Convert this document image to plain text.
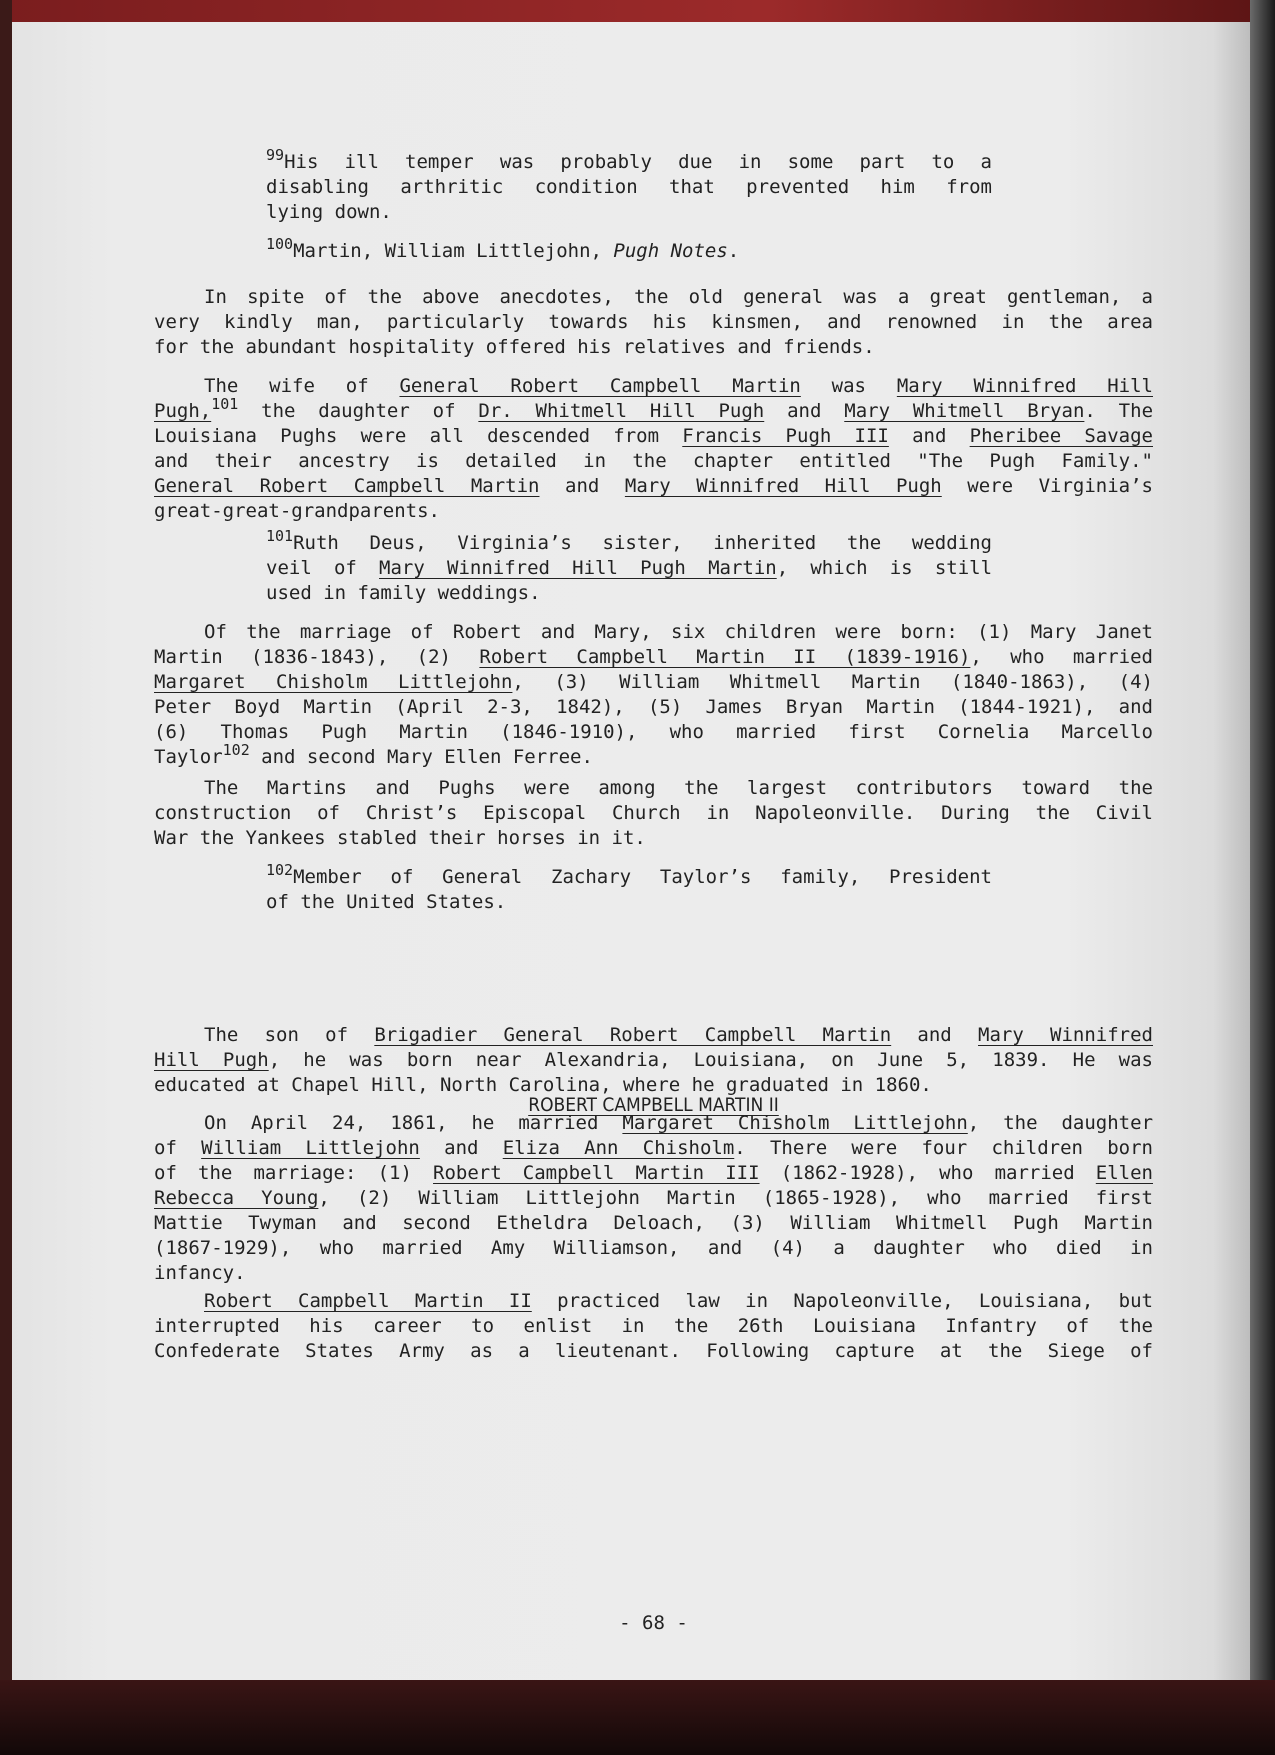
$^{99}$His ill temper was probably due in some part to a
disabling arthritic condition that prevented him from
lying down.
$^{100}$Martin, William Littlejohn, Pugh Notes.
In spite of the above anecdotes, the old general was a great gentleman, a
very kindly man, particularly towards his kinsmen, and renowned in the area
for the abundant hospitality offered his relatives and friends.
The wife of General Robert Campbell Martin was Mary Winnifred Hill
Pugh,$^{101}$ the daughter of Dr. Whitmell Hill Pugh and Mary Whitmell Bryan. The
Louisiana Pughs were all descended from Francis Pugh III and Pheribee Savage
and their ancestry is detailed in the chapter entitled "The Pugh Family."
General Robert Campbell Martin and Mary Winnifred Hill Pugh were Virginia’s
great-great-grandparents.
$^{101}$Ruth Deus, Virginia’s sister, inherited the wedding
veil of Mary Winnifred Hill Pugh Martin, which is still
used in family weddings.
Of the marriage of Robert and Mary, six children were born: (1) Mary Janet
Martin (1836-1843), (2) Robert Campbell Martin II (1839-1916), who married
Margaret Chisholm Littlejohn, (3) William Whitmell Martin (1840-1863), (4)
Peter Boyd Martin (April 2-3, 1842), (5) James Bryan Martin (1844-1921), and
(6) Thomas Pugh Martin (1846-1910), who married first Cornelia Marcello
Taylor$^{102}$ and second Mary Ellen Ferree.
The Martins and Pughs were among the largest contributors toward the
construction of Christ’s Episcopal Church in Napoleonville. During the Civil
War the Yankees stabled their horses in it.
$^{102}$Member of General Zachary Taylor’s family, President
of the United States.
ROBERT CAMPBELL MARTIN II
The son of Brigadier General Robert Campbell Martin and Mary Winnifred
Hill Pugh, he was born near Alexandria, Louisiana, on June 5, 1839. He was
educated at Chapel Hill, North Carolina, where he graduated in 1860.
On April 24, 1861, he married Margaret Chisholm Littlejohn, the daughter
of William Littlejohn and Eliza Ann Chisholm. There were four children born
of the marriage: (1) Robert Campbell Martin III (1862-1928), who married Ellen
Rebecca Young, (2) William Littlejohn Martin (1865-1928), who married first
Mattie Twyman and second Etheldra Deloach, (3) William Whitmell Pugh Martin
(1867-1929), who married Amy Williamson, and (4) a daughter who died in
infancy.
Robert Campbell Martin II practiced law in Napoleonville, Louisiana, but
interrupted his career to enlist in the 26th Louisiana Infantry of the
Confederate States Army as a lieutenant. Following capture at the Siege of
- 68 -
